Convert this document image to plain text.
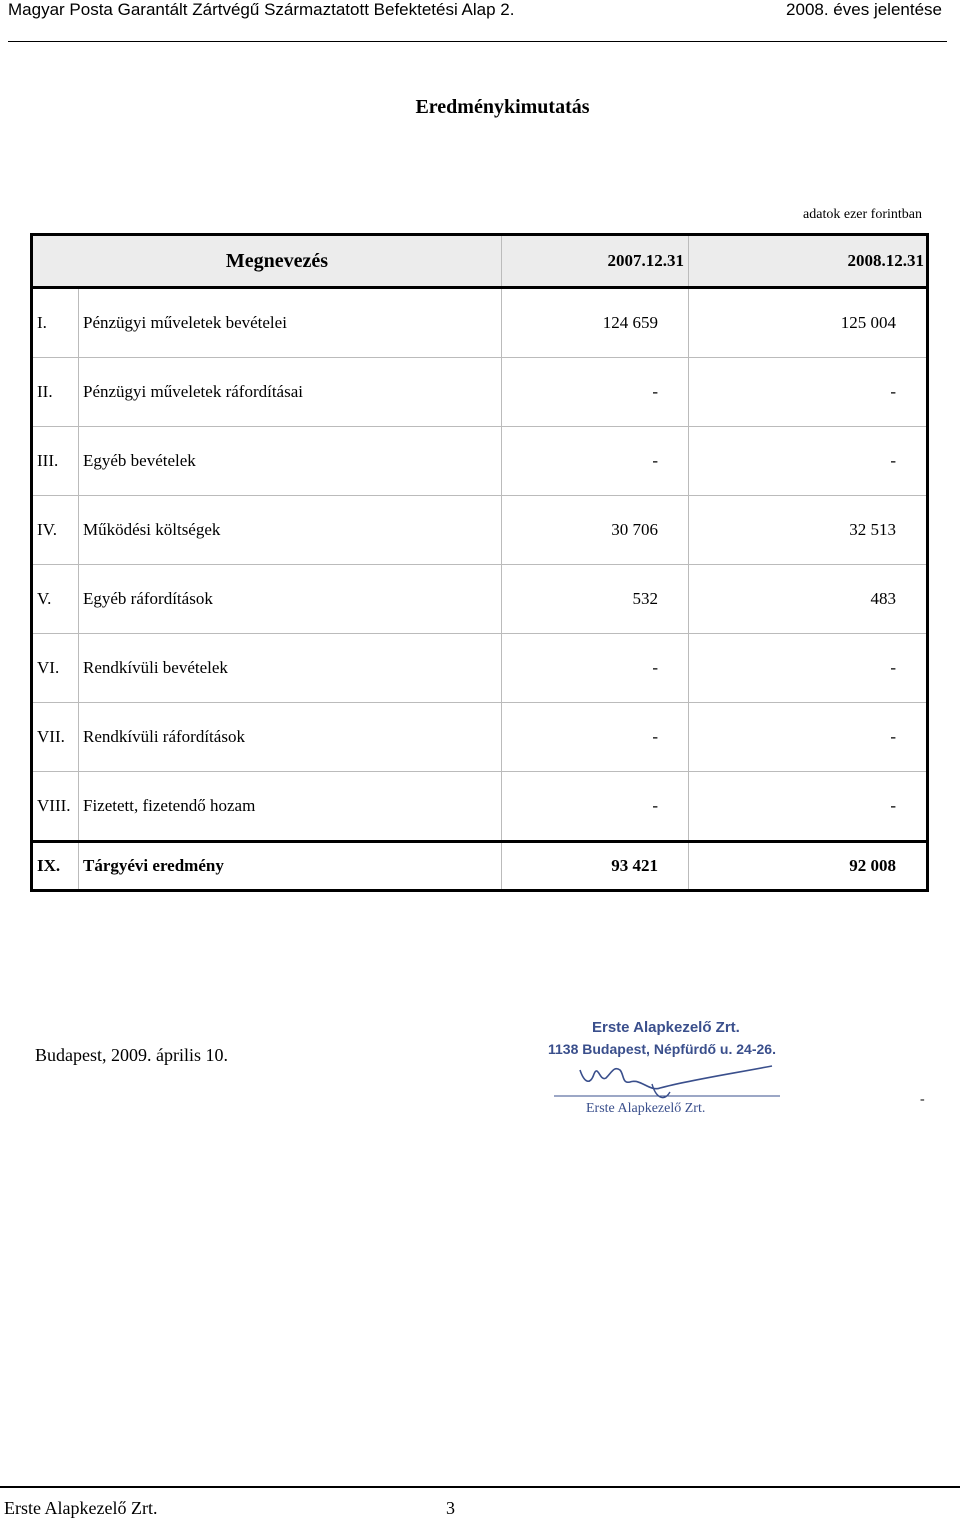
Magyar Posta Garantált Zártvégű Származtatott Befektetési Alap 2.	2008. éves jelentése
Eredménykimutatás
adatok ezer forintban
Megnevezés		2007.12.31	2008.12.31
I.	Pénzügyi műveletek bevételei	124 659	125 004
II.	Pénzügyi műveletek ráfordításai	-	-
III.	Egyéb bevételek	-	-
IV.	Működési költségek	30 706	32 513
V.	Egyéb ráfordítások	532	483
VI.	Rendkívüli bevételek	-	-
VII.	Rendkívüli ráfordítások	-	-
VIII.	Fizetett, fizetendő hozam	-	-
IX.	Tárgyévi eredmény	93 421	92 008
Budapest, 2009. április 10.
Erste Alapkezelő Zrt.
1138 Budapest, Népfürdő u. 24-26.
Erste Alapkezelő Zrt.
-
Erste Alapkezelő Zrt.	3
